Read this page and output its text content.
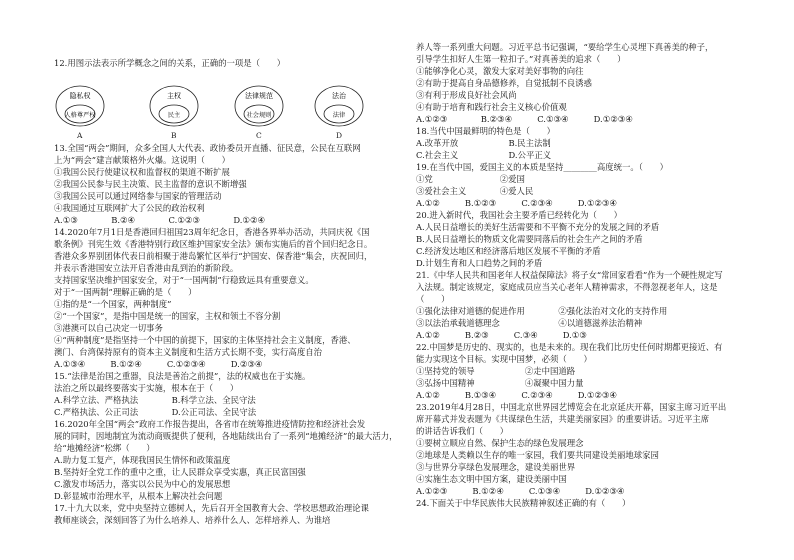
12.用图示法表示所学概念之间的关系，正确的一项是（　　）
13.全国“两会”期间，众多全国人大代表、政协委员开直播、征民意，公民在互联网
上为“两会”建言献策格外火爆。这说明（　　）
①我国公民行使建议权和监督权的渠道不断扩展
②我国公民参与民主决策、民主监督的意识不断增强
③我国公民可以通过网络参与国家的管理活动
④我国通过互联网扩大了公民的政治权利
A.①③　　　　B.②④　　　　C.①②③　　　　D.①②④
14.2020年7月1日是香港回归祖国23周年纪念日，香港各界举办活动，共同庆祝《国
歌条例》刊宪生效《香港特别行政区维护国家安全法》颁布实施后的首个回归纪念日。
香港众多界别团体代表日前相聚于港岛繁忙区举行“护国安、保香港”集会，庆祝回归，
并表示香港国安立法开启香港由乱到治的新阶段。
支持国家坚决维护国家安全，对于“一国两制”行稳致远具有重要意义。
对于“一国两制”理解正确的是（　　）
①指的是“一个国家，两种制度”
②“一个国家”，是指中国是统一的国家，主权和领土不容分割
③港澳可以自己决定一切事务
④“两种制度”是指坚持一个中国的前提下，国家的主体坚持社会主义制度，香港、
澳门、台湾保持原有的资本主义制度和生活方式长期不变，实行高度自治
A.①③④　　　B.①②④　　　C.①②③④　　　D.②③④
15.“法律是治国之重器，良法是善治之前提”，法的权威也在于实施。
法治之所以最终要落实于实施，根本在于（　　）
A.科学立法、严格执法　　　　B.科学立法、全民守法
C.严格执法、公正司法　　　　D.公正司法、全民守法
16.2020年全国“两会”政府工作报告提出，各省市在统筹推进疫情防控和经济社会发
展的同时，因地制宜为流动商贩提供了便利，各地陆续出台了一系列“地摊经济”的最大活力，
给“地摊经济”松绑（　　）
A.助力复工复产，体现我国民生情怀和政策温度
B.坚持好全党工作的重中之重，让人民群众享受实惠，真正民富国强
C.激发市场活力，落实以公民为中心的发展思想
D.彰显城市治理水平，从根本上解决社会问题
17.十九大以来，党中央坚持立德树人，先后召开全国教育大会、学校思想政治理论课
教师座谈会，深刻回答了为什么培养人、培养什么人、怎样培养人、为谁培
隐私权
人格尊严权
主权
民主
法律规范
社会规则
法治
法律
A	B	C	D
养人等一系列重大问题。习近平总书记强调，“要给学生心灵埋下真善美的种子，
引导学生扣好人生第一粒扣子。”对真善美的追求（　　）
①能够净化心灵，激发大家对美好事物的向往
②有助于提高自身品德修养，自觉抵制不良诱惑
③有利于形成良好社会风尚
④有助于培育和践行社会主义核心价值观
A.①②③　　　　B.②③④　　　C.①③④　　　D.①②③④
18.当代中国最鲜明的特色是（　　）
A.改革开放　　　　　　B.民主法制
C.社会主义　　　　　　D.公平正义
19.在当代中国，爱国主义的本质是坚持________高度统一。（　　）
①党　　　　　　　　②爱国
③爱社会主义　　　　④爱人民
A.①②　　　B.①②③　　　C.②③④　　　D.①②③④
20.进入新时代，我国社会主要矛盾已经转化为（　　）
A.人民日益增长的美好生活需要和不平衡不充分的发展之间的矛盾
B.人民日益增长的物质文化需要同落后的社会生产之间的矛盾
C.经济发达地区和经济落后地区发展不平衡的矛盾
D.计划生育和人口趋势之间的矛盾
21.《中华人民共和国老年人权益保障法》将子女“常回家看看”作为一个硬性规定写
入法规。制定该规定，家庭成员应当关心老年人精神需求，不得忽视老年人，这是
（　　）
①强化法律对道德的促进作用　　　　②强化法治对文化的支持作用
③以法治承载道德理念　　　　　　　④以道德滋养法治精神
A.①②　　　B.②③　　　C.③④　　　D.①③
22.中国梦是历史的、现实的，也是未来的。现在我们比历史任何时期都更接近、有
能力实现这个目标。实现中国梦，必须（　　）
①坚持党的领导　　　　　　②走中国道路
③弘扬中国精神　　　　　　④凝聚中国力量
A.①②　　　B.①③④　　　C.②③④　　　D.①②③④
23.2019年4月28日，中国北京世界园艺博览会在北京延庆开幕，国家主席习近平出
席开幕式并发表题为《共谋绿色生活，共建美丽家园》的重要讲话。习近平主席
的讲话告诉我们（　　）
①要树立顺应自然、保护生态的绿色发展理念
②地球是人类赖以生存的唯一家园，我们要共同建设美丽地球家园
③与世界分享绿色发展理念，建设美丽世界
④实施生态文明中国方案，建设美丽中国
A.①②③　　　B.①②④　　　C.①③④　　　D.①②③④
24.下面关于中华民族伟大民族精神叙述正确的有（　　）
